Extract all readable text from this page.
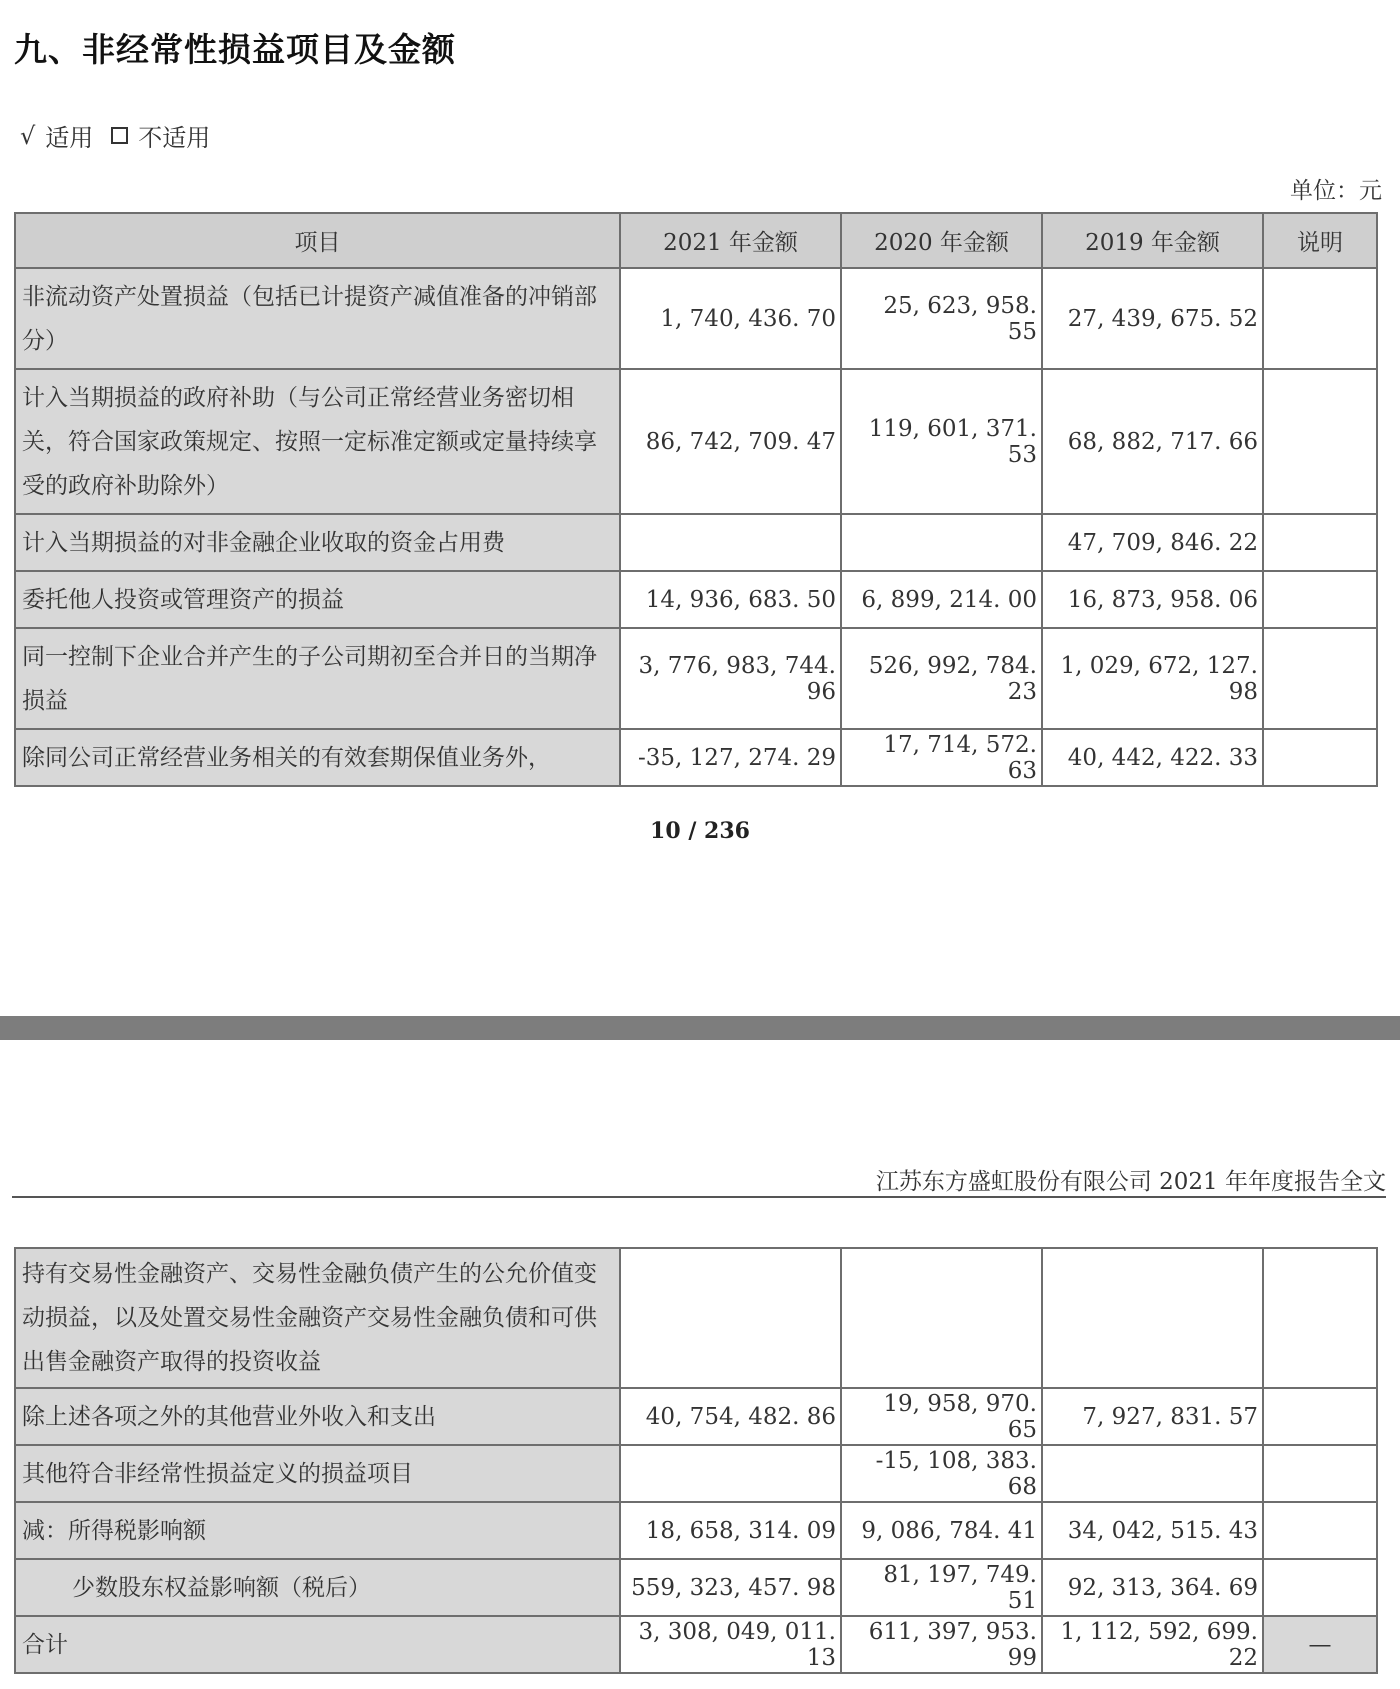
九、非经常性损益项目及金额
√ 适用 不适用
单位：元
项目	2021 年金额	2020 年金额	2019 年金额	说明
非流动资产处置损益（包括已计提资产减值准备的冲销部分）	1, 740, 436. 70	25, 623, 958. 55	27, 439, 675. 52	
计入当期损益的政府补助（与公司正常经营业务密切相关，符合国家政策规定、按照一定标准定额或定量持续享受的政府补助除外）	86, 742, 709. 47	119, 601, 371. 53	68, 882, 717. 66	
计入当期损益的对非金融企业收取的资金占用费			47, 709, 846. 22	
委托他人投资或管理资产的损益	14, 936, 683. 50	6, 899, 214. 00	16, 873, 958. 06	
同一控制下企业合并产生的子公司期初至合并日的当期净损益	3, 776, 983, 744. 96	526, 992, 784. 23	1, 029, 672, 127. 98	
除同公司正常经营业务相关的有效套期保值业务外，	-35, 127, 274. 29	17, 714, 572. 63	40, 442, 422. 33	
10 / 236
江苏东方盛虹股份有限公司 2021 年年度报告全文
持有交易性金融资产、交易性金融负债产生的公允价值变动损益，以及处置交易性金融资产交易性金融负债和可供出售金融资产取得的投资收益				
除上述各项之外的其他营业外收入和支出	40, 754, 482. 86	19, 958, 970. 65	7, 927, 831. 57	
其他符合非经常性损益定义的损益项目		-15, 108, 383. 68		
减：所得税影响额	18, 658, 314. 09	9, 086, 784. 41	34, 042, 515. 43	
少数股东权益影响额（税后）	559, 323, 457. 98	81, 197, 749. 51	92, 313, 364. 69	
合计	3, 308, 049, 011. 13	611, 397, 953. 99	1, 112, 592, 699. 22	—
